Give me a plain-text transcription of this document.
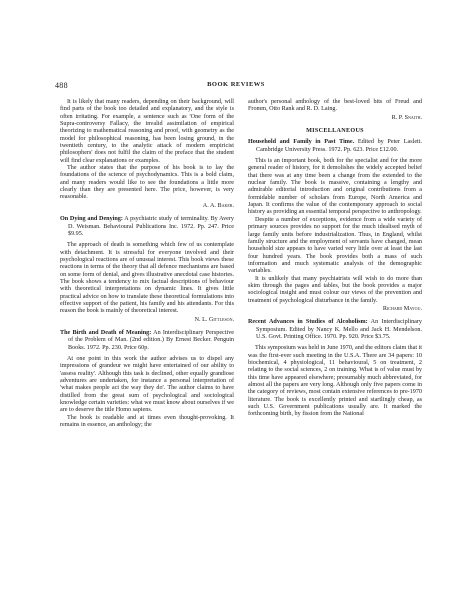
488	BOOK REVIEWS

It is likely that many readers, depending on their background, will find parts of the book too detailed and explanatory, and the style is often irritating. For example, a sentence such as 'One form of the Supra-controversy Fallacy, the invalid assimilation of empirical theorizing to mathematical reasoning and proof, with geometry as the model for philosophical reasoning, has been losing ground, in the twentieth century, to the analytic attack of modern empiricist philosophers' does not fulfil the claim of the preface that the student will find clear explanations or examples.

The author states that the purpose of his book is to lay the foundations of the science of psychodynamics. This is a bold claim, and many readers would like to see the foundations a little more clearly than they are presented here. The price, however, is very reasonable.

A. A. Baker.

On Dying and Denying: A psychiatric study of terminality. By Avery D. Weisman. Behavioural Publications Inc. 1972. Pp. 247. Price $9.95.

The approach of death is something which few of us contemplate with detachment. It is stressful for everyone involved and their psychological reactions are of unusual interest. This book views these reactions in terms of the theory that all defence mechanisms are based on some form of denial, and gives illustrative anecdotal case histories. The book shows a tendency to mix factual descriptions of behaviour with theoretical interpretations on dynamic lines. It gives little practical advice on how to translate these theoretical formulations into effective support of the patient, his family and his attendants. For this reason the book is mainly of theoretical interest.

N. L. Gittleson.

The Birth and Death of Meaning: An Interdisciplinary Perspective of the Problem of Man. (2nd edition.) By Ernest Becker. Penguin Books. 1972. Pp. 230. Price 60p.

At one point in this work the author advises us to dispel any impressions of grandeur we might have entertained of our ability to 'assess reality'. Although this task is declined, other equally grandiose adventures are undertaken, for instance a personal interpretation of 'what makes people act the way they do'. The author claims to have distilled from the great sum of psychological and sociological knowledge certain varieties: what we must know about ourselves if we are to deserve the title Homo sapiens.

The book is readable and at times even thought-provoking. It remains in essence, an anthology; the

author's personal anthology of the best-loved bits of Freud and Fromm, Otto Rank and R. D. Laing.

R. P. Snaith.
MISCELLANEOUS

Household and Family in Past Time. Edited by Peter Laslett. Cambridge University Press. 1972. Pp. 623. Price £12.00.

This is an important book, both for the specialist and for the more general reader of history, for it demolishes the widely accepted belief that there was at any time been a change from the extended to the nuclear family. The book is massive, containing a lengthy and admirable editorial introduction and original contributions from a formidable number of scholars from Europe, North America and Japan. It confirms the value of the contemporary approach to social history as providing an essential temporal perspective to anthropology.

Despite a number of exceptions, evidence from a wide variety of primary sources provides no support for the much idealised myth of large family units before industrialization. Thus, in England, whilst family structure and the employment of servants have changed, mean household size appears to have varied very little over at least the last four hundred years. The book provides both a mass of such information and much systematic analysis of the demographic variables.

It is unlikely that many psychiatrists will wish to do more than skim through the pages and tables, but the book provides a major sociological insight and must colour our views of the prevention and treatment of psychological disturbance in the family.

Richard Mayou.

Recent Advances in Studies of Alcoholism: An Interdisciplinary Symposium. Edited by Nancy K. Mello and Jack H. Mendelson. U.S. Govt. Printing Office. 1970. Pp. 920. Price $3.75.

This symposium was held in June 1970, and the editors claim that it was the first-ever such meeting in the U.S.A. There are 34 papers: 10 biochemical, 4 physiological, 11 behavioural, 5 on treatment, 2 relating to the social sciences, 2 on training. What is of value must by this time have appeared elsewhere; presumably much abbreviated, for almost all the papers are very long. Although only five papers come in the category of reviews, most contain extensive references to pre-1970 literature. The book is excellently printed and startlingly cheap, as such U.S. Government publications usually are. It marked the forthcoming birth, by fission from the National
